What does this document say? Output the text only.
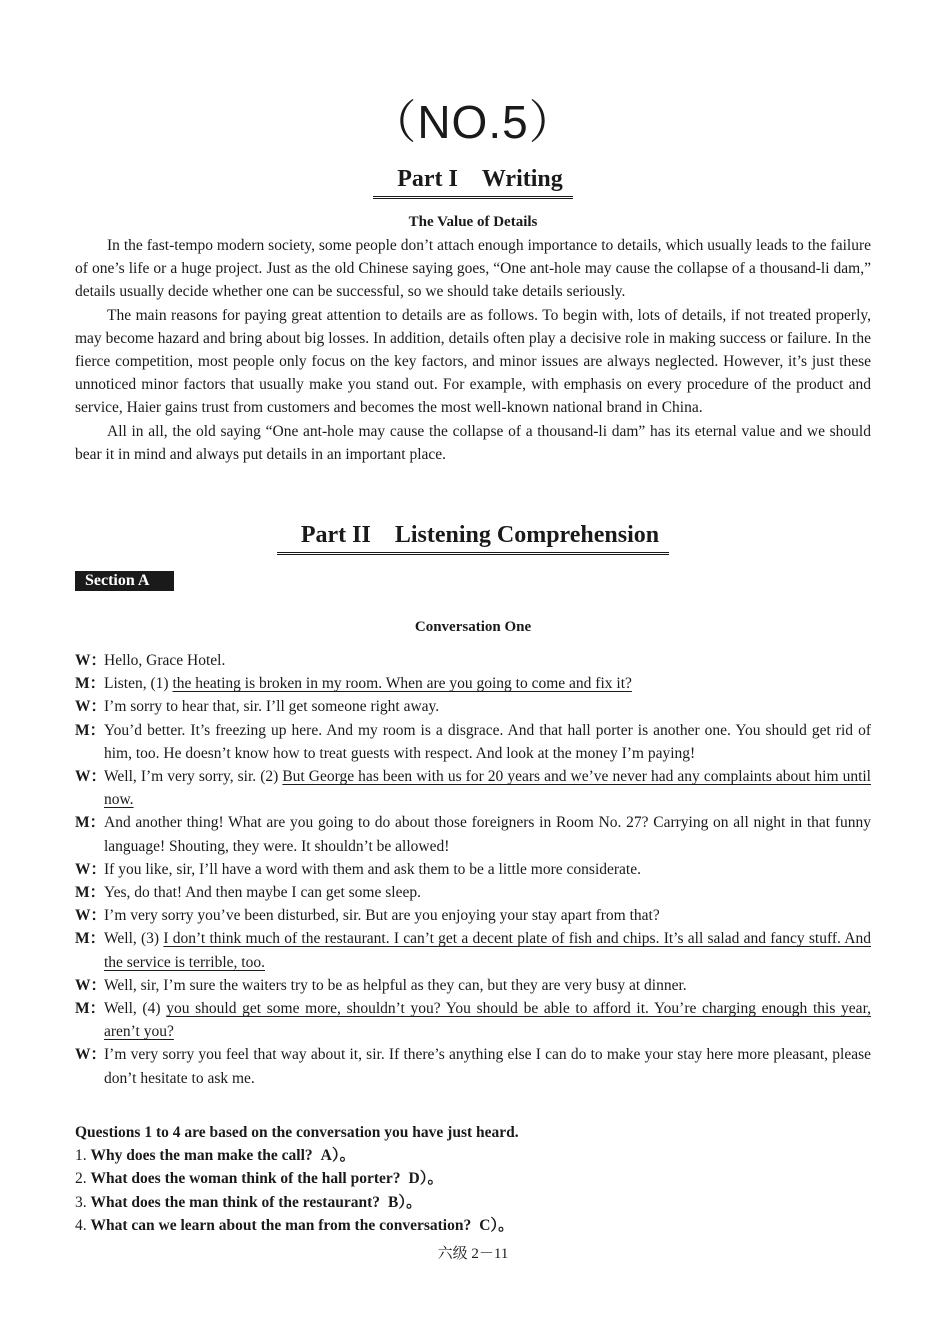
（NO.5）
Part I　Writing
The Value of Details

In the fast-tempo modern society, some people don’t attach enough importance to details, which usually leads to the failure of one’s life or a huge project. Just as the old Chinese saying goes, “One ant-hole may cause the collapse of a thousand-li dam,” details usually decide whether one can be successful, so we should take details seriously.

The main reasons for paying great attention to details are as follows. To begin with, lots of details, if not treated properly, may become hazard and bring about big losses. In addition, details often play a decisive role in making success or failure. In the fierce competition, most people only focus on the key factors, and minor issues are always neglected. However, it’s just these unnoticed minor factors that usually make you stand out. For example, with emphasis on every procedure of the product and service, Haier gains trust from customers and becomes the most well-known national brand in China.

All in all, the old saying “One ant-hole may cause the collapse of a thousand-li dam” has its eternal value and we should bear it in mind and always put details in an important place.

Part II　Listening Comprehension
Section A
Conversation One
W：
Hello, Grace Hotel.
M：
Listen, (1) the heating is broken in my room. When are you going to come and fix it?
W：
I’m sorry to hear that, sir. I’ll get someone right away.
M：
You’d better. It’s freezing up here. And my room is a disgrace. And that hall porter is another one. You should get rid of him, too. He doesn’t know how to treat guests with respect. And look at the money I’m paying!
W：
Well, I’m very sorry, sir. (2) But George has been with us for 20 years and we’ve never had any complaints about him until now.
M：
And another thing! What are you going to do about those foreigners in Room No. 27? Carrying on all night in that funny language! Shouting, they were. It shouldn’t be allowed!
W：
If you like, sir, I’ll have a word with them and ask them to be a little more considerate.
M：
Yes, do that! And then maybe I can get some sleep.
W：
I’m very sorry you’ve been disturbed, sir. But are you enjoying your stay apart from that?
M：
Well, (3) I don’t think much of the restaurant. I can’t get a decent plate of fish and chips. It’s all salad and fancy stuff. And the service is terrible, too.
W：
Well, sir, I’m sure the waiters try to be as helpful as they can, but they are very busy at dinner.
M：
Well, (4) you should get some more, shouldn’t you? You should be able to afford it. You’re charging enough this year, aren’t you?
W：
I’m very sorry you feel that way about it, sir. If there’s anything else I can do to make your stay here more pleasant, please don’t hesitate to ask me.
Questions 1 to 4 are based on the conversation you have just heard.
1. Why does the man make the call? A）。
2. What does the woman think of the hall porter? D）。
3. What does the man think of the restaurant? B）。
4. What can we learn about the man from the conversation? C）。
六级 2－11
